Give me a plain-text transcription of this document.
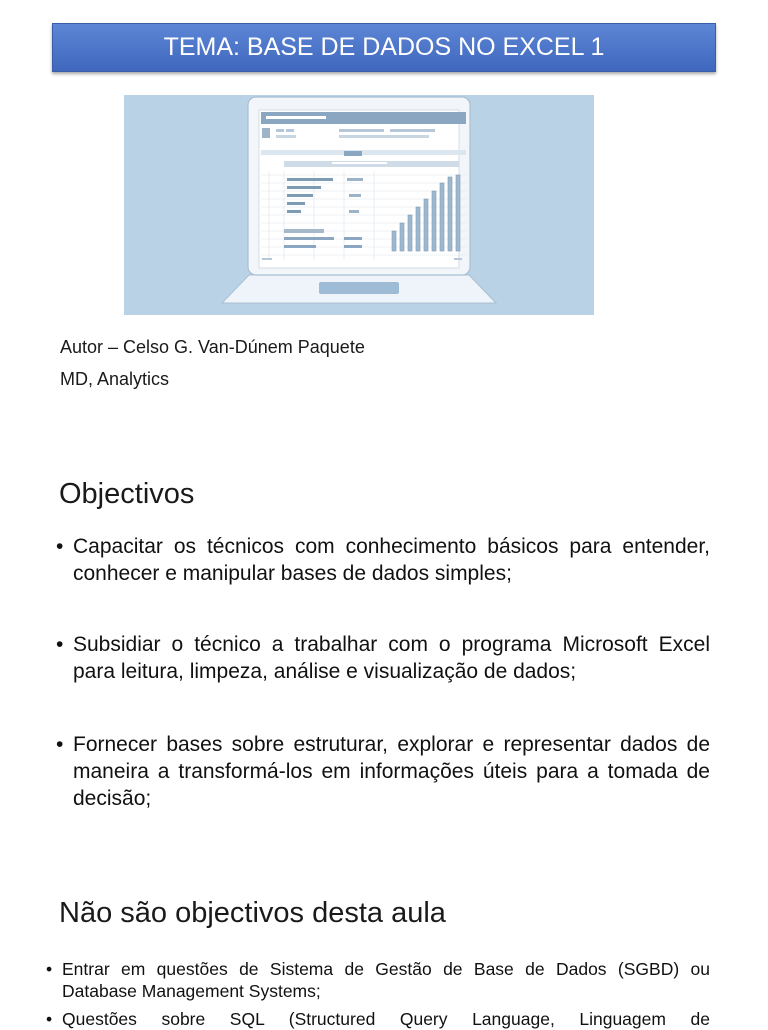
TEMA: BASE DE DADOS NO EXCEL 1
Autor – Celso G. Van-Dúnem Paquete
MD, Analytics
Objectivos
• Capacitar os técnicos com conhecimento básicos para entender, conhecer e manipular bases de dados simples;
• Subsidiar o técnico a trabalhar com o programa Microsoft Excel para leitura, limpeza, análise e visualização de dados;
• Fornecer bases sobre estruturar, explorar e representar dados de maneira a transformá-los em informações úteis para a tomada de decisão;
Não são objectivos desta aula
• Entrar em questões de Sistema de Gestão de Base de Dados (SGBD) ou Database Management Systems;
• Questões sobre SQL (Structured Query Language, Linguagem de
